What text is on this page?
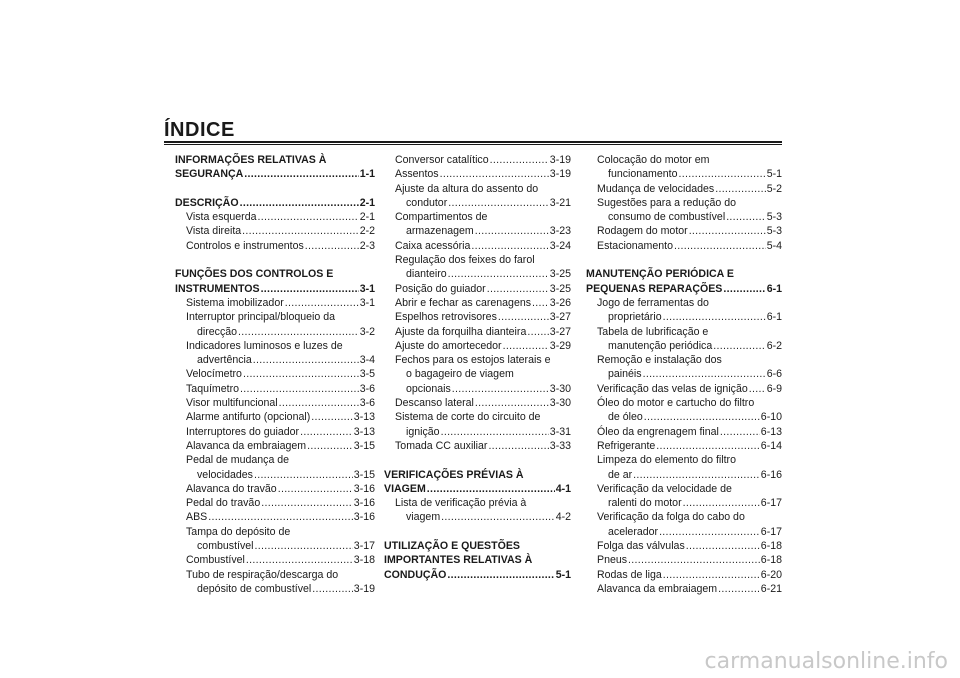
ÍNDICE
INFORMAÇÕES RELATIVAS À
SEGURANÇA .....	1-1
DESCRIÇÃO .....	2-1
Vista esquerda .....	2-1
Vista direita .....	2-2
Controlos e instrumentos .....	2-3
FUNÇÕES DOS CONTROLOS E
INSTRUMENTOS .....	3-1
Sistema imobilizador .....	3-1
Interruptor principal/bloqueio da
direcção .....	3-2
Indicadores luminosos e luzes de
advertência .....	3-4
Velocímetro .....	3-5
Taquímetro .....	3-6
Visor multifuncional .....	3-6
Alarme antifurto (opcional) .....	3-13
Interruptores do guiador .....	3-13
Alavanca da embraiagem .....	3-15
Pedal de mudança de
velocidades .....	3-15
Alavanca do travão .....	3-16
Pedal do travão .....	3-16
ABS .....	3-16
Tampa do depósito de
combustível .....	3-17
Combustível .....	3-18
Tubo de respiração/descarga do
depósito de combustível .....	3-19
Conversor catalítico .....	3-19
Assentos .....	3-19
Ajuste da altura do assento do
condutor .....	3-21
Compartimentos de
armazenagem .....	3-23
Caixa acessória .....	3-24
Regulação dos feixes do farol
dianteiro .....	3-25
Posição do guiador .....	3-25
Abrir e fechar as carenagens ..... 3-26
Espelhos retrovisores .....	3-27
Ajuste da forquilha dianteira ..... 3-27
Ajuste do amortecedor .....	3-29
Fechos para os estojos laterais e
o bagageiro de viagem
opcionais .....	3-30
Descanso lateral .....	3-30
Sistema de corte do circuito de
ignição .....	3-31
Tomada CC auxiliar .....	3-33
VERIFICAÇÕES PRÉVIAS À
VIAGEM .....	4-1
Lista de verificação prévia à
viagem .....	4-2
UTILIZAÇÃO E QUESTÕES
IMPORTANTES RELATIVAS À
CONDUÇÃO .....	5-1
Colocação do motor em
funcionamento .....	5-1
Mudança de velocidades .....	5-2
Sugestões para a redução do
consumo de combustível .....	5-3
Rodagem do motor .....	5-3
Estacionamento .....	5-4
MANUTENÇÃO PERIÓDICA E
PEQUENAS REPARAÇÕES .....	6-1
Jogo de ferramentas do
proprietário .....	6-1
Tabela de lubrificação e
manutenção periódica .....	6-2
Remoção e instalação dos
painéis .....	6-6
Verificação das velas de ignição ..... 6-9
Óleo do motor e cartucho do filtro
de óleo .....	6-10
Óleo da engrenagem final .....	6-13
Refrigerante .....	6-14
Limpeza do elemento do filtro
de ar .....	6-16
Verificação da velocidade de
ralenti do motor .....	6-17
Verificação da folga do cabo do
acelerador .....	6-17
Folga das válvulas .....	6-18
Pneus .....	6-18
Rodas de liga .....	6-20
Alavanca da embraiagem .....	6-21
carmanualsonline.info
